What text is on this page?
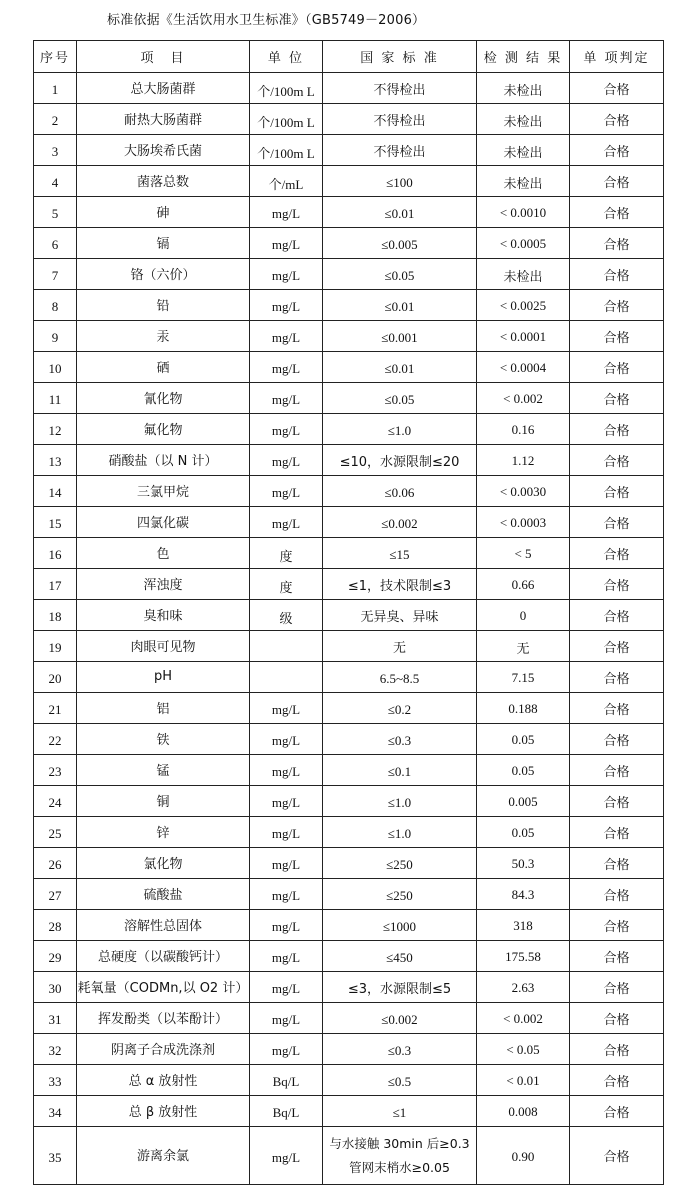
标准依据《生活饮用水卫生标准》（GB5749－2006）
序号	项　目	单 位	国 家 标 准	检 测 结 果	单 项判定
1	总大肠菌群	个/100m L	不得检出	未检出	合格
2	耐热大肠菌群	个/100m L	不得检出	未检出	合格
3	大肠埃希氏菌	个/100m L	不得检出	未检出	合格
4	菌落总数	个/mL	≤100	未检出	合格
5	砷	mg/L	≤0.01	< 0.0010	合格
6	镉	mg/L	≤0.005	< 0.0005	合格
7	铬（六价）	mg/L	≤0.05	未检出	合格
8	铅	mg/L	≤0.01	< 0.0025	合格
9	汞	mg/L	≤0.001	< 0.0001	合格
10	硒	mg/L	≤0.01	< 0.0004	合格
11	氰化物	mg/L	≤0.05	< 0.002	合格
12	氟化物	mg/L	≤1.0	0.16	合格
13	硝酸盐（以 N 计）	mg/L	≤10，水源限制≤20	1.12	合格
14	三氯甲烷	mg/L	≤0.06	< 0.0030	合格
15	四氯化碳	mg/L	≤0.002	< 0.0003	合格
16	色	度	≤15	< 5	合格
17	浑浊度	度	≤1，技术限制≤3	0.66	合格
18	臭和味	级	无异臭、异味	0	合格
19	肉眼可见物		无	无	合格
20	pH		6.5~8.5	7.15	合格
21	铝	mg/L	≤0.2	0.188	合格
22	铁	mg/L	≤0.3	0.05	合格
23	锰	mg/L	≤0.1	0.05	合格
24	铜	mg/L	≤1.0	0.005	合格
25	锌	mg/L	≤1.0	0.05	合格
26	氯化物	mg/L	≤250	50.3	合格
27	硫酸盐	mg/L	≤250	84.3	合格
28	溶解性总固体	mg/L	≤1000	318	合格
29	总硬度（以碳酸钙计）	mg/L	≤450	175.58	合格
30	耗氧量（CODMn,以 O2 计）	mg/L	≤3，水源限制≤5	2.63	合格
31	挥发酚类（以苯酚计）	mg/L	≤0.002	< 0.002	合格
32	阴离子合成洗涤剂	mg/L	≤0.3	< 0.05	合格
33	总 α 放射性	Bq/L	≤0.5	< 0.01	合格
34	总 β 放射性	Bq/L	≤1	0.008	合格
35	游离余氯	mg/L	与水接触 30min 后≥0.3
管网末梢水≥0.05	0.90	合格
